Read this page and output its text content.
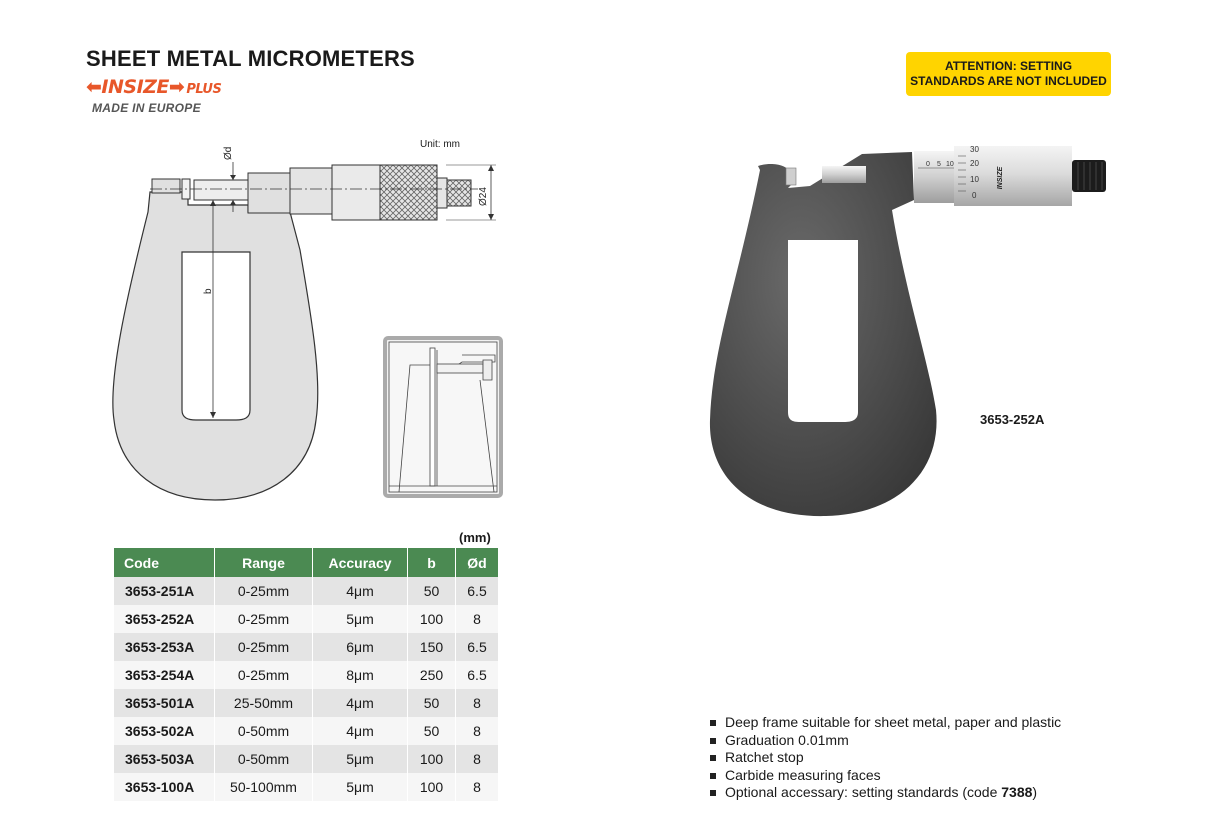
SHEET METAL MICROMETERS
⬅INSIZE➡ PLUS
MADE IN EUROPE
ATTENTION: SETTING
STANDARDS ARE NOT INCLUDED
Unit: mm
Ød
Ø24
b
0 5 10
30
20
10
0
INSIZE
3653-252A
(mm)
Code	Range	Accuracy	b	Ød
3653-251A	0-25mm	4μm	50	6.5
3653-252A	0-25mm	5μm	100	8
3653-253A	0-25mm	6μm	150	6.5
3653-254A	0-25mm	8μm	250	6.5
3653-501A	25-50mm	4μm	50	8
3653-502A	0-50mm	4μm	50	8
3653-503A	0-50mm	5μm	100	8
3653-100A	50-100mm	5μm	100	8
Deep frame suitable for sheet metal, paper and plastic
Graduation 0.01mm
Ratchet stop
Carbide measuring faces
Optional accessary: setting standards (code 7388)
